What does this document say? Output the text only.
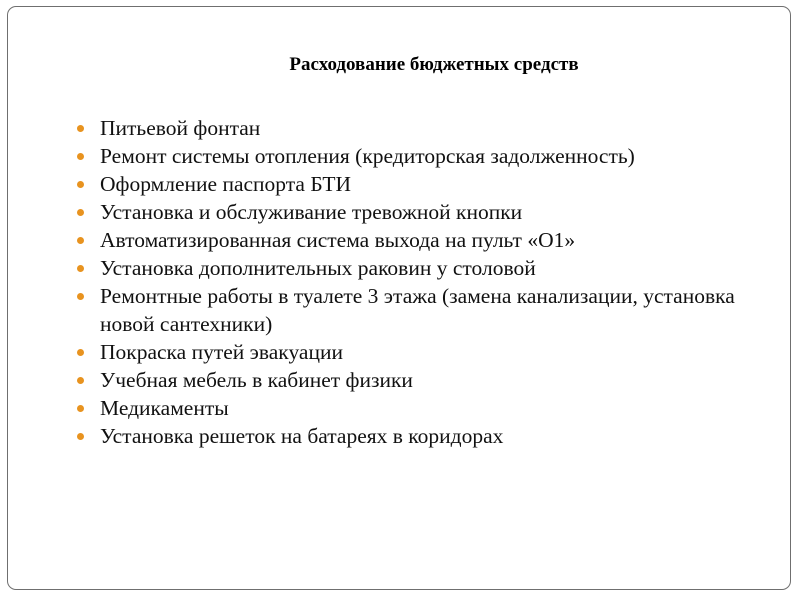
Расходование бюджетных средств
Питьевой фонтан
Ремонт системы отопления (кредиторская задолженность)
Оформление паспорта БТИ
Установка и обслуживание тревожной кнопки
Автоматизированная система выхода на пульт «О1»
Установка дополнительных раковин у столовой
Ремонтные работы в туалете 3 этажа (замена канализации, установка новой сантехники)
Покраска путей эвакуации
Учебная мебель в кабинет физики
Медикаменты
Установка решеток на батареях в коридорах
